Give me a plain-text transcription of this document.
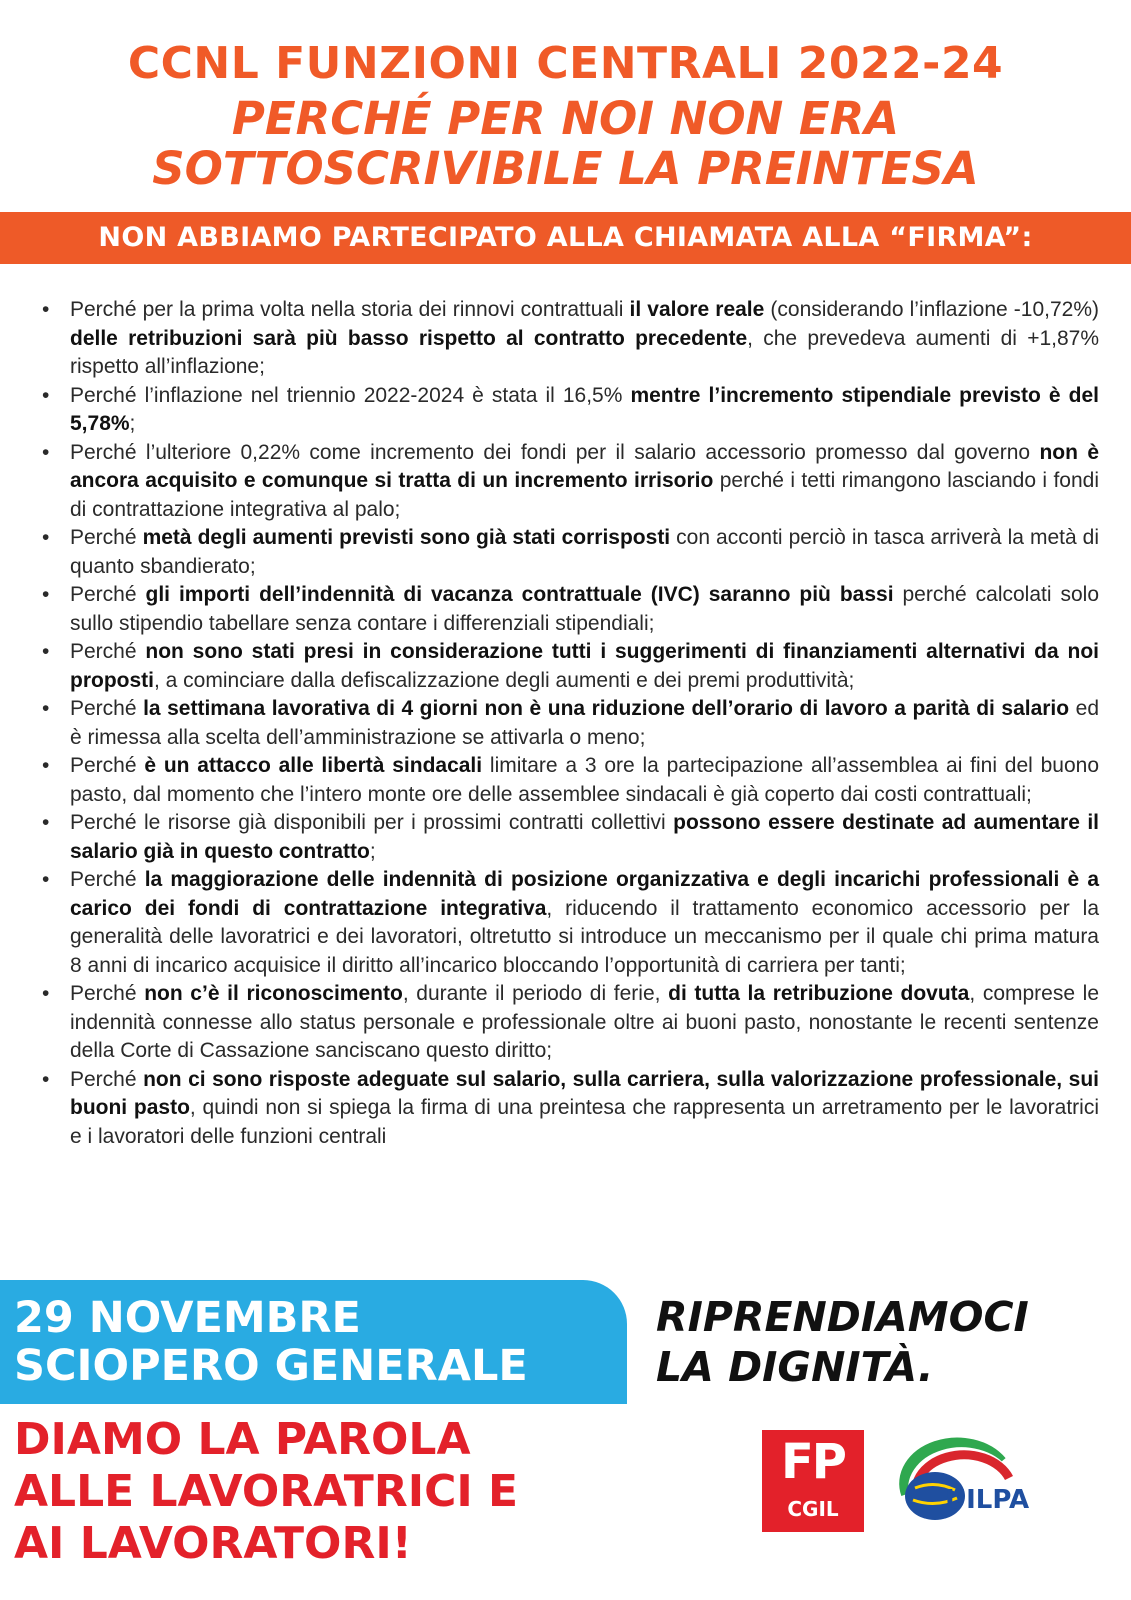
CCNL FUNZIONI CENTRALI 2022-24

PERCHÉ PER NOI NON ERA
SOTTOSCRIVIBILE LA PREINTESA

NON ABBIAMO PARTECIPATO ALLA CHIAMATA ALLA “FIRMA”:
• Perché per la prima volta nella storia dei rinnovi contrattuali il valore reale (considerando l’inflazione -10,72%) delle retribuzioni sarà più basso rispetto al contratto precedente, che prevedeva aumenti di +1,87% rispetto all’inflazione;
• Perché l’inflazione nel triennio 2022-2024 è stata il 16,5% mentre l’incremento stipendiale previsto è del 5,78%;
• Perché l’ulteriore 0,22% come incremento dei fondi per il salario accessorio promesso dal governo non è ancora acquisito e comunque si tratta di un incremento irrisorio perché i tetti rimangono lasciando i fondi di contrattazione integrativa al palo;
• Perché metà degli aumenti previsti sono già stati corrisposti con acconti perciò in tasca arriverà la metà di quanto sbandierato;
• Perché gli importi dell’indennità di vacanza contrattuale (IVC) saranno più bassi perché calcolati solo sullo stipendio tabellare senza contare i differenziali stipendiali;
• Perché non sono stati presi in considerazione tutti i suggerimenti di finanziamenti alternativi da noi proposti, a cominciare dalla defiscalizzazione degli aumenti e dei premi produttività;
• Perché la settimana lavorativa di 4 giorni non è una riduzione dell’orario di lavoro a parità di salario ed è rimessa alla scelta dell’amministrazione se attivarla o meno;
• Perché è un attacco alle libertà sindacali limitare a 3 ore la partecipazione all’assemblea ai fini del buono pasto, dal momento che l’intero monte ore delle assemblee sindacali è già coperto dai costi contrattuali;
• Perché le risorse già disponibili per i prossimi contratti collettivi possono essere destinate ad aumentare il salario già in questo contratto;
• Perché la maggiorazione delle indennità di posizione organizzativa e degli incarichi professionali è a carico dei fondi di contrattazione integrativa, riducendo il trattamento economico accessorio per la generalità delle lavoratrici e dei lavoratori, oltretutto si introduce un meccanismo per il quale chi prima matura 8 anni di incarico acquisice il diritto all’incarico bloccando l’opportunità di carriera per tanti;
• Perché non c’è il riconoscimento, durante il periodo di ferie, di tutta la retribuzione dovuta, comprese le indennità connesse allo status personale e professionale oltre ai buoni pasto, nonostante le recenti sentenze della Corte di Cassazione sanciscano questo diritto;
• Perché non ci sono risposte adeguate sul salario, sulla carriera, sulla valorizzazione professionale, sui buoni pasto, quindi non si spiega la firma di una preintesa che rappresenta un arretramento per le lavoratrici e i lavoratori delle funzioni centrali
29 NOVEMBRE
SCIOPERO GENERALE
DIAMO LA PAROLA
ALLE LAVORATRICI E
AI LAVORATORI!
RIPRENDIAMOCI
LA DIGNITÀ.
FP
CGIL	UILPA
